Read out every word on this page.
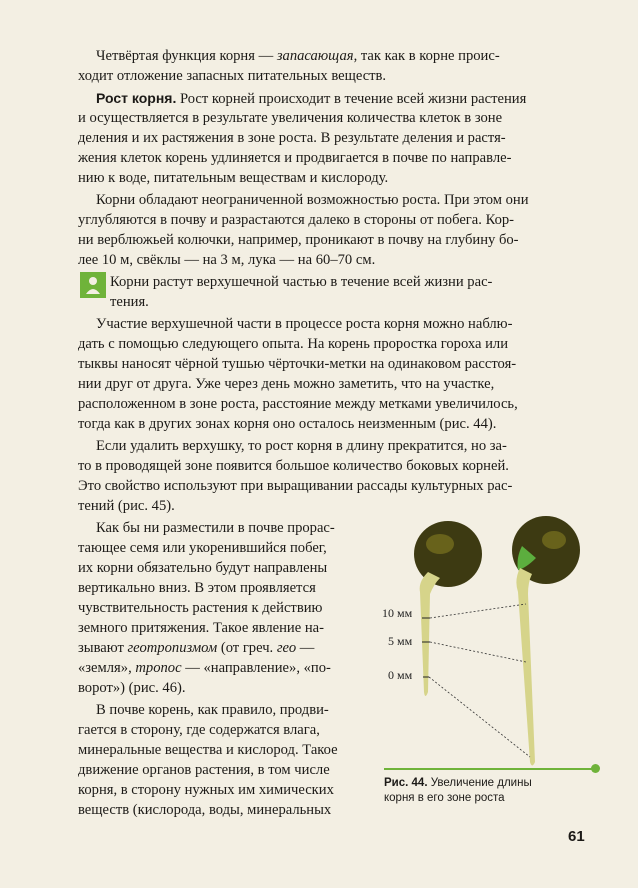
Четвёртая функция корня — запасающая, так как в корне проис-
ходит отложение запасных питательных веществ.
Рост корня. Рост корней происходит в течение всей жизни растения
и осуществляется в результате увеличения количества клеток в зоне
деления и их растяжения в зоне роста. В результате деления и растя-
жения клеток корень удлиняется и продвигается в почве по направле-
нию к воде, питательным веществам и кислороду.
Корни обладают неограниченной возможностью роста. При этом они
углубляются в почву и разрастаются далеко в стороны от побега. Кор-
ни верблюжьей колючки, например, проникают в почву на глубину бо-
лее 10 м, свёклы — на 3 м, лука — на 60–70 см.
Корни растут верхушечной частью в течение всей жизни рас-
тения.
Участие верхушечной части в процессе роста корня можно наблю-
дать с помощью следующего опыта. На корень проростка гороха или
тыквы наносят чёрной тушью чёрточки-метки на одинаковом расстоя-
нии друг от друга. Уже через день можно заметить, что на участке,
расположенном в зоне роста, расстояние между метками увеличилось,
тогда как в других зонах корня оно осталось неизменным (рис. 44).
Если удалить верхушку, то рост корня в длину прекратится, но за-
то в проводящей зоне появится большое количество боковых корней.
Это свойство используют при выращивании рассады культурных рас-
тений (рис. 45).
Как бы ни разместили в почве прорас-
тающее семя или укоренившийся побег,
их корни обязательно будут направлены
вертикально вниз. В этом проявляется
чувствительность растения к действию
земного притяжения. Такое явление на-
зывают геотропизмом (от греч. гео —
«земля», тропос — «направление», «по-
ворот») (рис. 46).
В почве корень, как правило, продви-
гается в сторону, где содержатся влага,
минеральные вещества и кислород. Такое
движение органов растения, в том числе
корня, в сторону нужных им химических
веществ (кислорода, воды, минеральных
10 мм
5 мм
0 мм
Рис. 44. Увеличение длины
корня в его зоне роста
61
